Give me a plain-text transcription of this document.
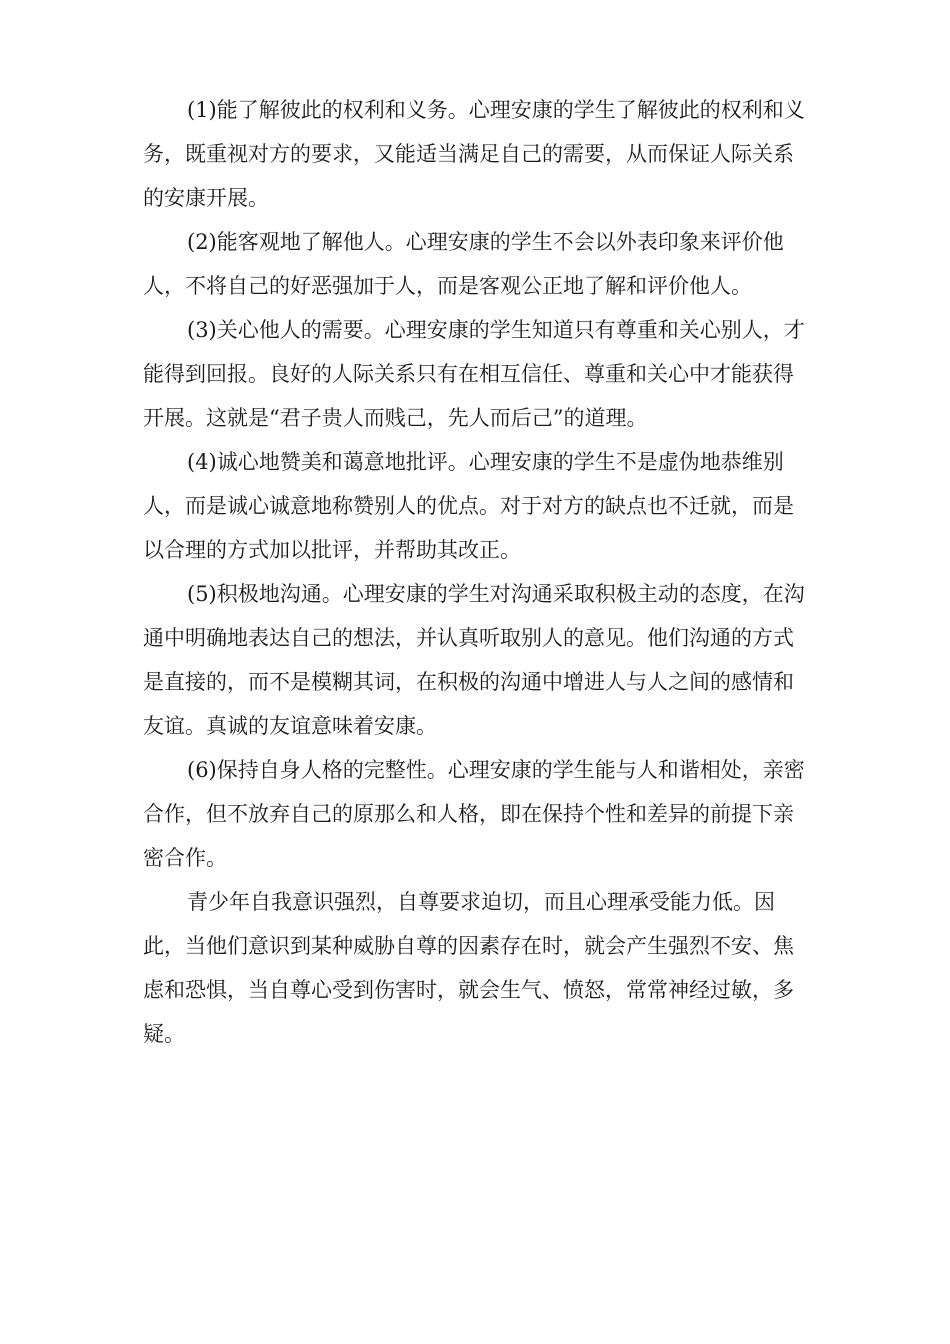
(1)能了解彼此的权利和义务。心理安康的学生了解彼此的权利和义务，既重视对方的要求，又能适当满足自己的需要，从而保证人际关系的安康开展。

(2)能客观地了解他人。心理安康的学生不会以外表印象来评价他人，不将自己的好恶强加于人，而是客观公正地了解和评价他人。

(3)关心他人的需要。心理安康的学生知道只有尊重和关心别人，才能得到回报。良好的人际关系只有在相互信任、尊重和关心中才能获得开展。这就是“君子贵人而贱己，先人而后己”的道理。

(4)诚心地赞美和蔼意地批评。心理安康的学生不是虚伪地恭维别人，而是诚心诚意地称赞别人的优点。对于对方的缺点也不迁就，而是以合理的方式加以批评，并帮助其改正。

(5)积极地沟通。心理安康的学生对沟通采取积极主动的态度，在沟通中明确地表达自己的想法，并认真听取别人的意见。他们沟通的方式是直接的，而不是模糊其词，在积极的沟通中增进人与人之间的感情和友谊。真诚的友谊意味着安康。

(6)保持自身人格的完整性。心理安康的学生能与人和谐相处，亲密合作，但不放弃自己的原那么和人格，即在保持个性和差异的前提下亲密合作。

青少年自我意识强烈，自尊要求迫切，而且心理承受能力低。因此，当他们意识到某种威胁自尊的因素存在时，就会产生强烈不安、焦虑和恐惧，当自尊心受到伤害时，就会生气、愤怒，常常神经过敏，多疑。
